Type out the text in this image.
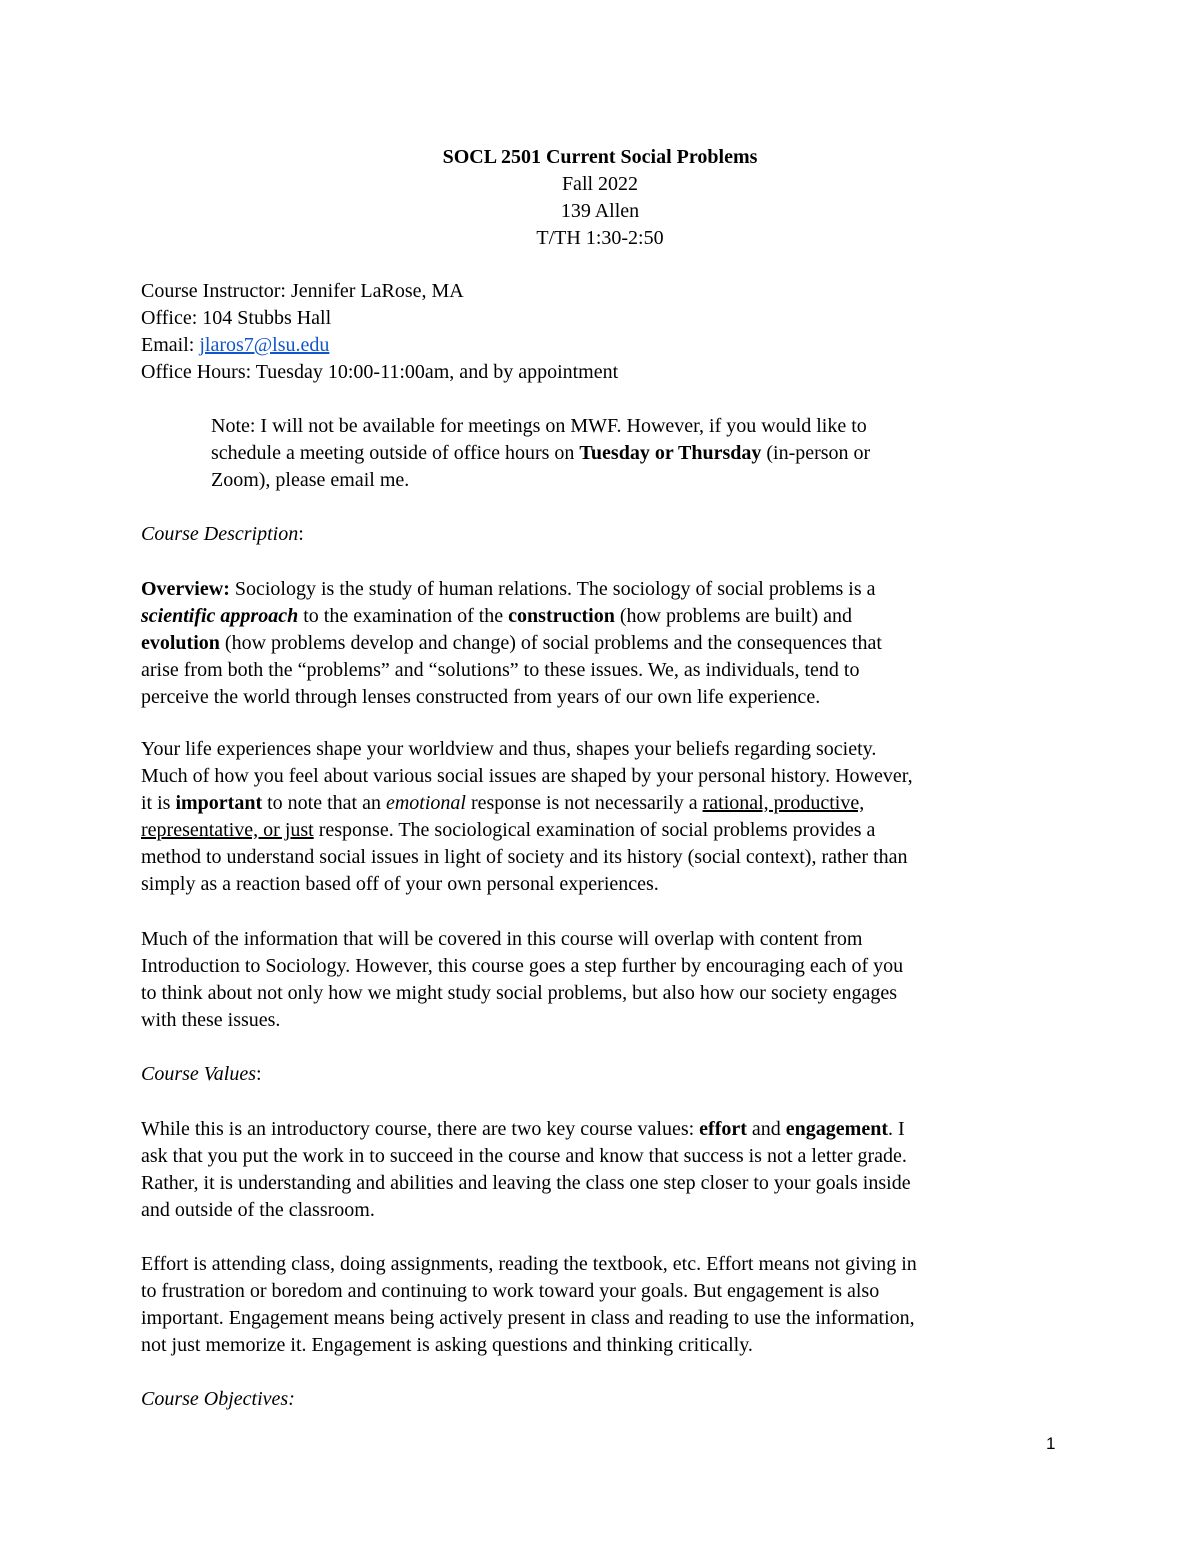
SOCL 2501 Current Social Problems
Fall 2022
139 Allen
T/TH 1:30-2:50
Course Instructor: Jennifer LaRose, MA
Office: 104 Stubbs Hall
Email: jlaros7@lsu.edu
Office Hours: Tuesday 10:00-11:00am, and by appointment
Note: I will not be available for meetings on MWF. However, if you would like to
schedule a meeting outside of office hours on Tuesday or Thursday (in-person or
Zoom), please email me.
Course Description:
Overview: Sociology is the study of human relations. The sociology of social problems is a
scientific approach to the examination of the construction (how problems are built) and
evolution (how problems develop and change) of social problems and the consequences that
arise from both the “problems” and “solutions” to these issues. We, as individuals, tend to
perceive the world through lenses constructed from years of our own life experience.
Your life experiences shape your worldview and thus, shapes your beliefs regarding society.
Much of how you feel about various social issues are shaped by your personal history. However,
it is important to note that an emotional response is not necessarily a rational, productive,
representative, or just response. The sociological examination of social problems provides a
method to understand social issues in light of society and its history (social context), rather than
simply as a reaction based off of your own personal experiences.
Much of the information that will be covered in this course will overlap with content from
Introduction to Sociology. However, this course goes a step further by encouraging each of you
to think about not only how we might study social problems, but also how our society engages
with these issues.
Course Values:
While this is an introductory course, there are two key course values: effort and engagement. I
ask that you put the work in to succeed in the course and know that success is not a letter grade.
Rather, it is understanding and abilities and leaving the class one step closer to your goals inside
and outside of the classroom.
Effort is attending class, doing assignments, reading the textbook, etc. Effort means not giving in
to frustration or boredom and continuing to work toward your goals. But engagement is also
important. Engagement means being actively present in class and reading to use the information,
not just memorize it. Engagement is asking questions and thinking critically.
Course Objectives:
1
